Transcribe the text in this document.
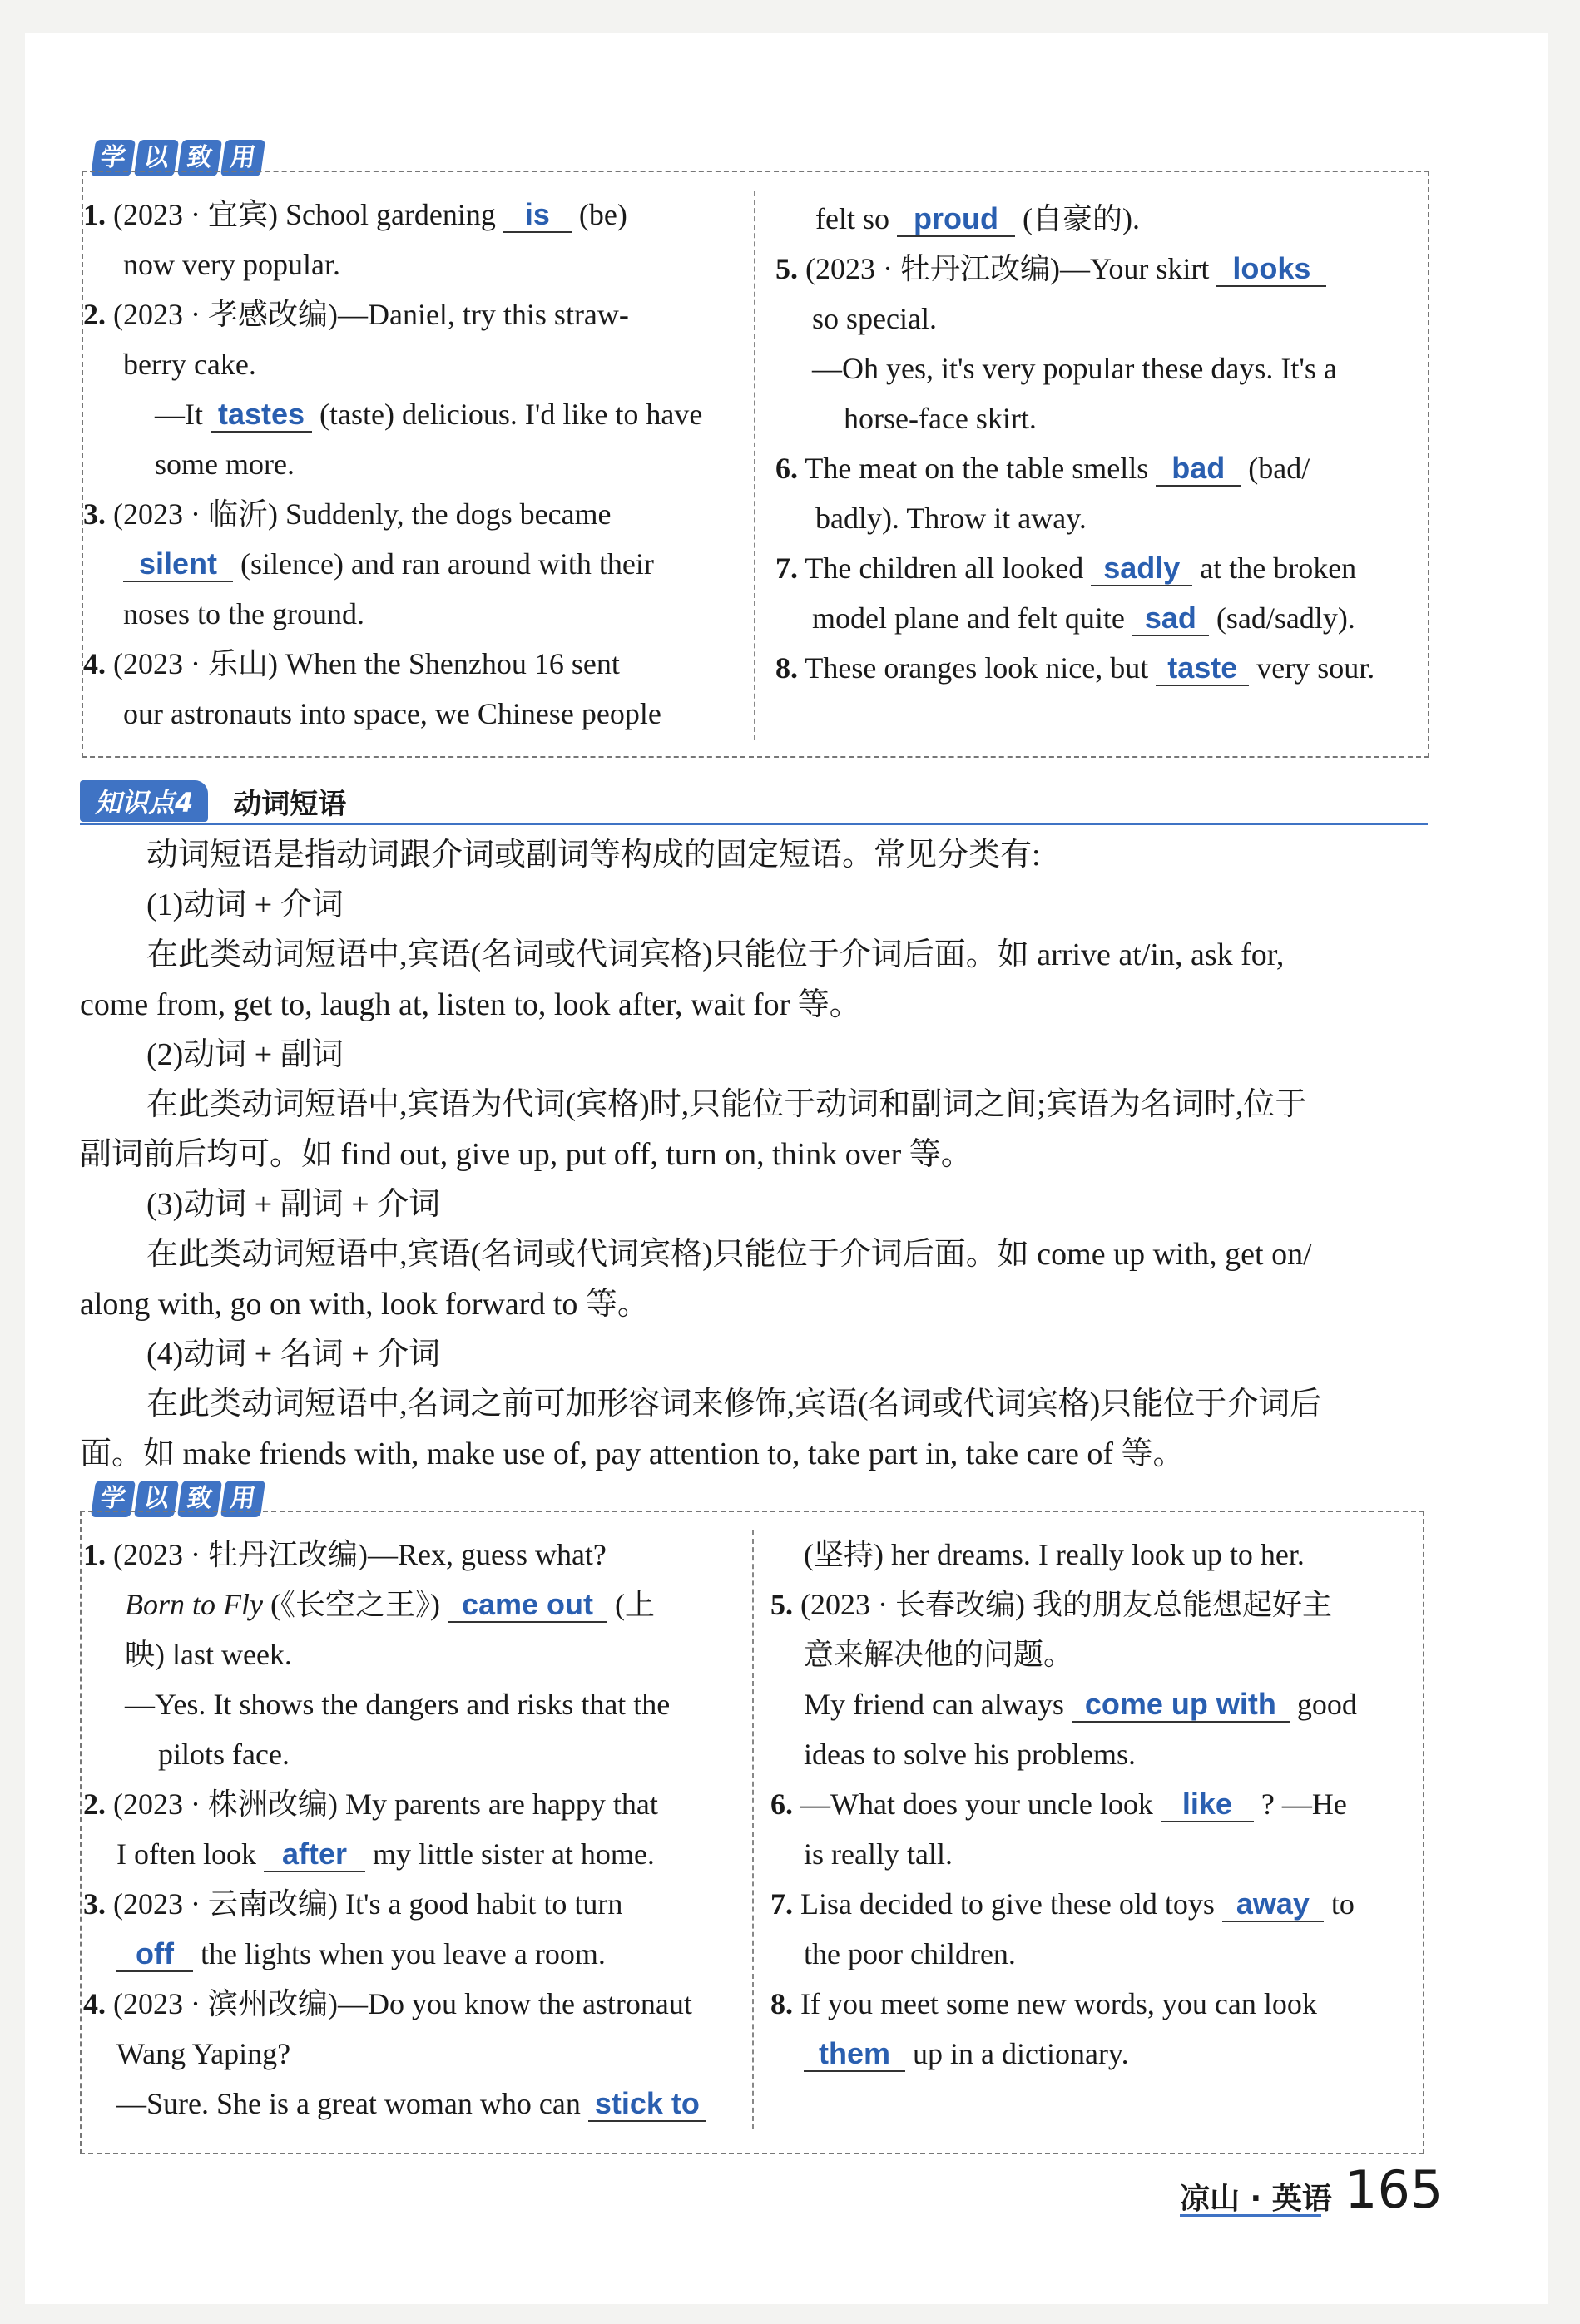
学 以 致 用
1. (2023 · 宜宾) School gardening is (be)
now very popular.
2. (2023 · 孝感改编)—Daniel, try this straw-
berry cake.
—It tastes (taste) delicious. I'd like to have
some more.
3. (2023 · 临沂) Suddenly, the dogs became
silent (silence) and ran around with their
noses to the ground.
4. (2023 · 乐山) When the Shenzhou 16 sent
our astronauts into space, we Chinese people
felt so proud (自豪的).
5. (2023 · 牡丹江改编)—Your skirt looks
so special.
—Oh yes, it's very popular these days. It's a
horse-face skirt.
6. The meat on the table smells bad (bad/
badly). Throw it away.
7. The children all looked sadly at the broken
model plane and felt quite sad (sad/sadly).
8. These oranges look nice, but taste very sour.
知识点4	动词短语
动词短语是指动词跟介词或副词等构成的固定短语。常见分类有:
(1)动词 + 介词
在此类动词短语中,宾语(名词或代词宾格)只能位于介词后面。如 arrive at/in, ask for,
come from, get to, laugh at, listen to, look after, wait for 等。
(2)动词 + 副词
在此类动词短语中,宾语为代词(宾格)时,只能位于动词和副词之间;宾语为名词时,位于
副词前后均可。如 find out, give up, put off, turn on, think over 等。
(3)动词 + 副词 + 介词
在此类动词短语中,宾语(名词或代词宾格)只能位于介词后面。如 come up with, get on/
along with, go on with, look forward to 等。
(4)动词 + 名词 + 介词
在此类动词短语中,名词之前可加形容词来修饰,宾语(名词或代词宾格)只能位于介词后
面。如 make friends with, make use of, pay attention to, take part in, take care of 等。
学 以 致 用
1. (2023 · 牡丹江改编)—Rex, guess what?
Born to Fly (《长空之王》) came out (上
映) last week.
—Yes. It shows the dangers and risks that the
pilots face.
2. (2023 · 株洲改编) My parents are happy that
I often look after my little sister at home.
3. (2023 · 云南改编) It's a good habit to turn
off the lights when you leave a room.
4. (2023 · 滨州改编)—Do you know the astronaut
Wang Yaping?
—Sure. She is a great woman who can stick to
(坚持) her dreams. I really look up to her.
5. (2023 · 长春改编) 我的朋友总能想起好主
意来解决他的问题。
My friend can always come up with good
ideas to solve his problems.
6. —What does your uncle look like ? —He
is really tall.
7. Lisa decided to give these old toys away to
the poor children.
8. If you meet some new words, you can look
them up in a dictionary.
凉山 · 英语 165
